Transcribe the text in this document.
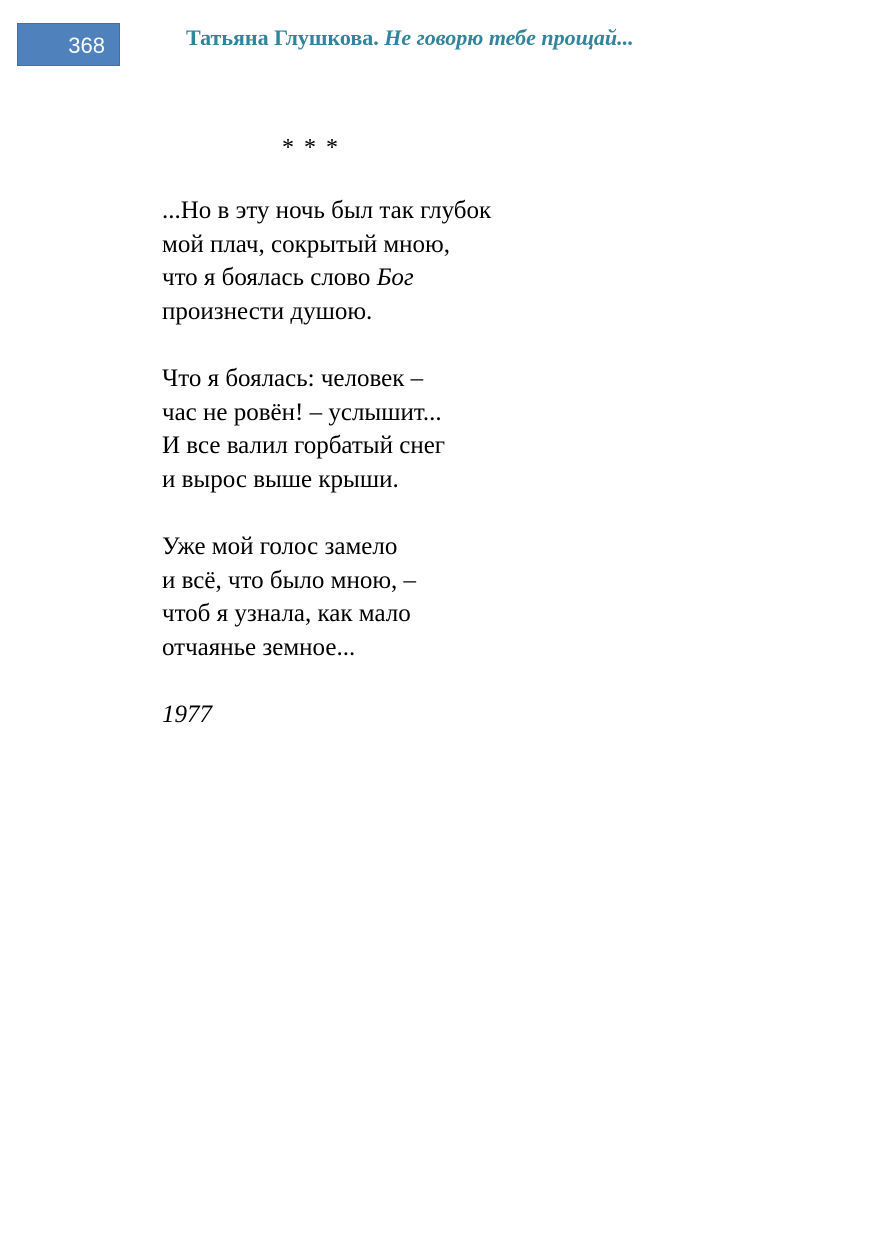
368	Татьяна Глушкова. Не говорю тебе прощай...
* * *
...Но в эту ночь был так глубок
мой плач, сокрытый мною,
что я боялась слово Бог
произнести душою.
Что я боялась: человек –
час не ровён! – услышит...
И все валил горбатый снег
и вырос выше крыши.
Уже мой голос замело
и всё, что было мною, –
чтоб я узнала, как мало
отчаянье земное...
1977
